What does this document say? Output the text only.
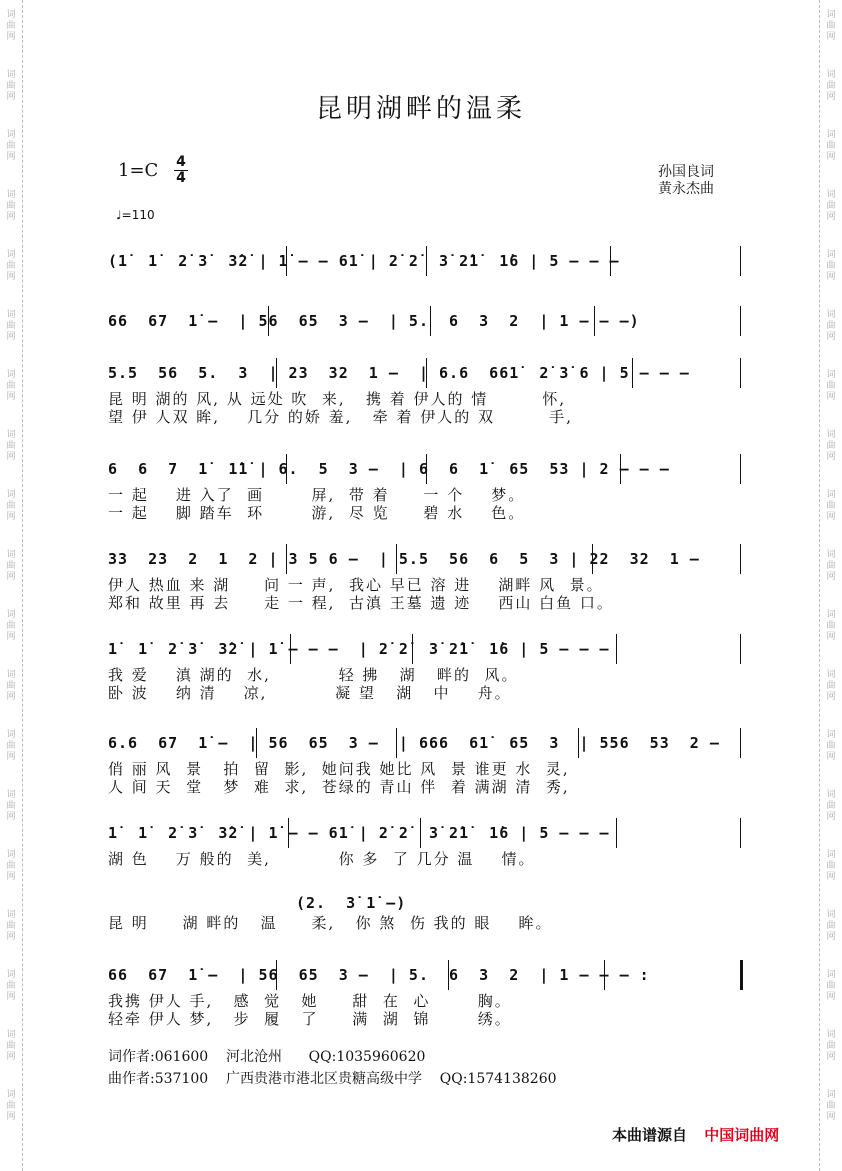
词
曲
网
词
曲
网
词
曲
网
词
曲
网
词
曲
网
词
曲
网
词
曲
网
词
曲
网
词
曲
网
词
曲
网
词
曲
网
词
曲
网
词
曲
网
词
曲
网
词
曲
网
词
曲
网
词
曲
网
词
曲
网
词
曲
网
词
曲
网
词
曲
网
词
曲
网
词
曲
网
词
曲
网
词
曲
网
词
曲
网
词
曲
网
词
曲
网
词
曲
网
词
曲
网
词
曲
网
词
曲
网
词
曲
网
词
曲
网
词
曲
网
词
曲
网
词
曲
网
词
曲
网
昆明湖畔的温柔
1=C 4
4	孙国良词
黄永杰曲
♩=110
(1̇  1̇  2̇ 3̇  3̇2̇ | 1̇ – – 61̇ | 2̇ 2̇  3̇ 2̇1̇  1̇6 | 5 – – –
66  67  1̇ –  | 56  65  3 –  | 5.  6  3  2  | 1 – – –)
5.5  56  5.  3  | 23  32  1 –  | 6.6  661̇  2̇ 3̇ 6 | 5 – – –
昆 明 湖的 风, 从 远处 吹  来,   携 着 伊人的 情        怀,
望 伊 人双 眸,    几分 的娇 羞,   牵 着 伊人的 双        手,
6  6  7  1̇  1̇1̇ | 6.  5  3 –  | 6  6  1̇  65  53 | 2 – – –
一 起    进 入了  画       屏,  带 着     一 个    梦。
一 起    脚 踏车  环       游,  尽 览     碧 水    色。
33  23  2  1  2 | 3 5 6 –  | 5.5  56  6  5  3 | 22  32  1 –
伊人 热血 来 湖     问 一 声,  我心 早已 溶 进    湖畔 风  景。
郑和 故里 再 去     走 一 程,  古滇 王墓 遗 迹    西山 白鱼 口。
1̇  1̇  2̇ 3̇  3̇2̇ | 1̇ – – –  | 2̇ 2̇  3̇ 2̇1̇  1̇6 | 5 – – –
我 爱    滇 湖的  水,          轻 拂   湖   畔的  风。
卧 波    纳 清    凉,          凝 望   湖   中    舟。
6.6  67  1̇ –  | 56  65  3 –  | 666  61̇  65  3  | 556  53  2 –
俏 丽 风  景   拍  留  影,  她问我 她比 风  景 谁更 水  灵,
人 间 天  堂   梦  难  求,  苍绿的 青山 伴  着 满湖 清  秀,
1̇  1̇  2̇ 3̇  3̇2̇ | 1̇ – – 61̇ | 2̇ 2̇  3̇ 2̇1̇  1̇6 | 5 – – –
湖 色    万 般的  美,          你 多  了 几分 温    情。
(2.  3̇ 1̇ –)
昆 明     湖 畔的   温     柔,   你 煞  伤 我的 眼    眸。
66  67  1̇ –  | 56  65  3 –  | 5.  6  3  2  | 1 – – – :
我携 伊人 手,   感  觉   她     甜  在  心       胸。
轻牵 伊人 梦,   步  履   了     满  湖  锦       绣。
词作者:061600    河北沧州      QQ:1035960620
曲作者:537100    广西贵港市港北区贵糖高级中学    QQ:1574138260
本曲谱源自 中国词曲网
